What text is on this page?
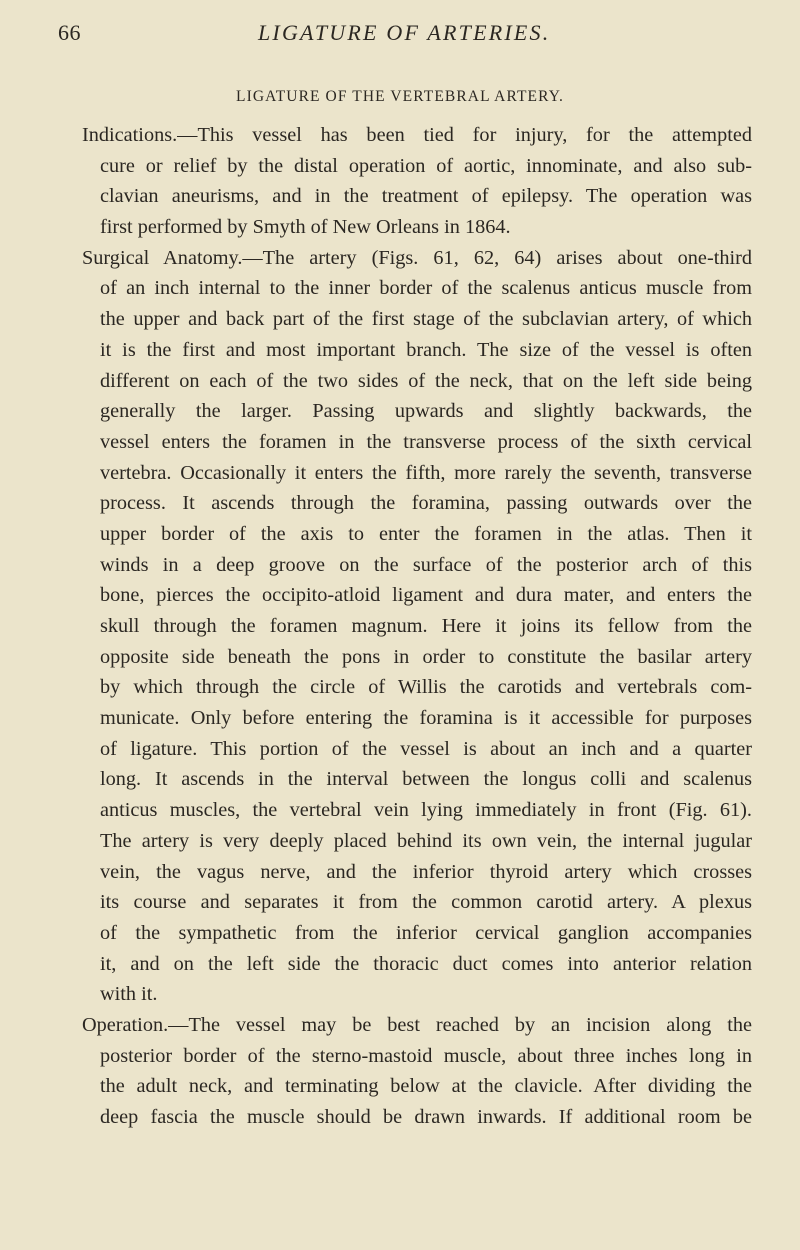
66	LIGATURE OF ARTERIES.
LIGATURE OF THE VERTEBRAL ARTERY.
Indications.—This vessel has been tied for injury, for the attempted
cure or relief by the distal operation of aortic, innominate, and also sub-
clavian aneurisms, and in the treatment of epilepsy. The operation was
first performed by Smyth of New Orleans in 1864.
Surgical Anatomy.—The artery (Figs. 61, 62, 64) arises about one-third
of an inch internal to the inner border of the scalenus anticus muscle from
the upper and back part of the first stage of the subclavian artery, of which
it is the first and most important branch. The size of the vessel is often
different on each of the two sides of the neck, that on the left side being
generally the larger. Passing upwards and slightly backwards, the
vessel enters the foramen in the transverse process of the sixth cervical
vertebra. Occasionally it enters the fifth, more rarely the seventh, transverse
process. It ascends through the foramina, passing outwards over the
upper border of the axis to enter the foramen in the atlas. Then it
winds in a deep groove on the surface of the posterior arch of this
bone, pierces the occipito-atloid ligament and dura mater, and enters the
skull through the foramen magnum. Here it joins its fellow from the
opposite side beneath the pons in order to constitute the basilar artery
by which through the circle of Willis the carotids and vertebrals com-
municate. Only before entering the foramina is it accessible for purposes
of ligature. This portion of the vessel is about an inch and a quarter
long. It ascends in the interval between the longus colli and scalenus
anticus muscles, the vertebral vein lying immediately in front (Fig. 61).
The artery is very deeply placed behind its own vein, the internal jugular
vein, the vagus nerve, and the inferior thyroid artery which crosses
its course and separates it from the common carotid artery. A plexus
of the sympathetic from the inferior cervical ganglion accompanies
it, and on the left side the thoracic duct comes into anterior relation
with it.
Operation.—The vessel may be best reached by an incision along the
posterior border of the sterno-mastoid muscle, about three inches long in
the adult neck, and terminating below at the clavicle. After dividing the
deep fascia the muscle should be drawn inwards. If additional room be
